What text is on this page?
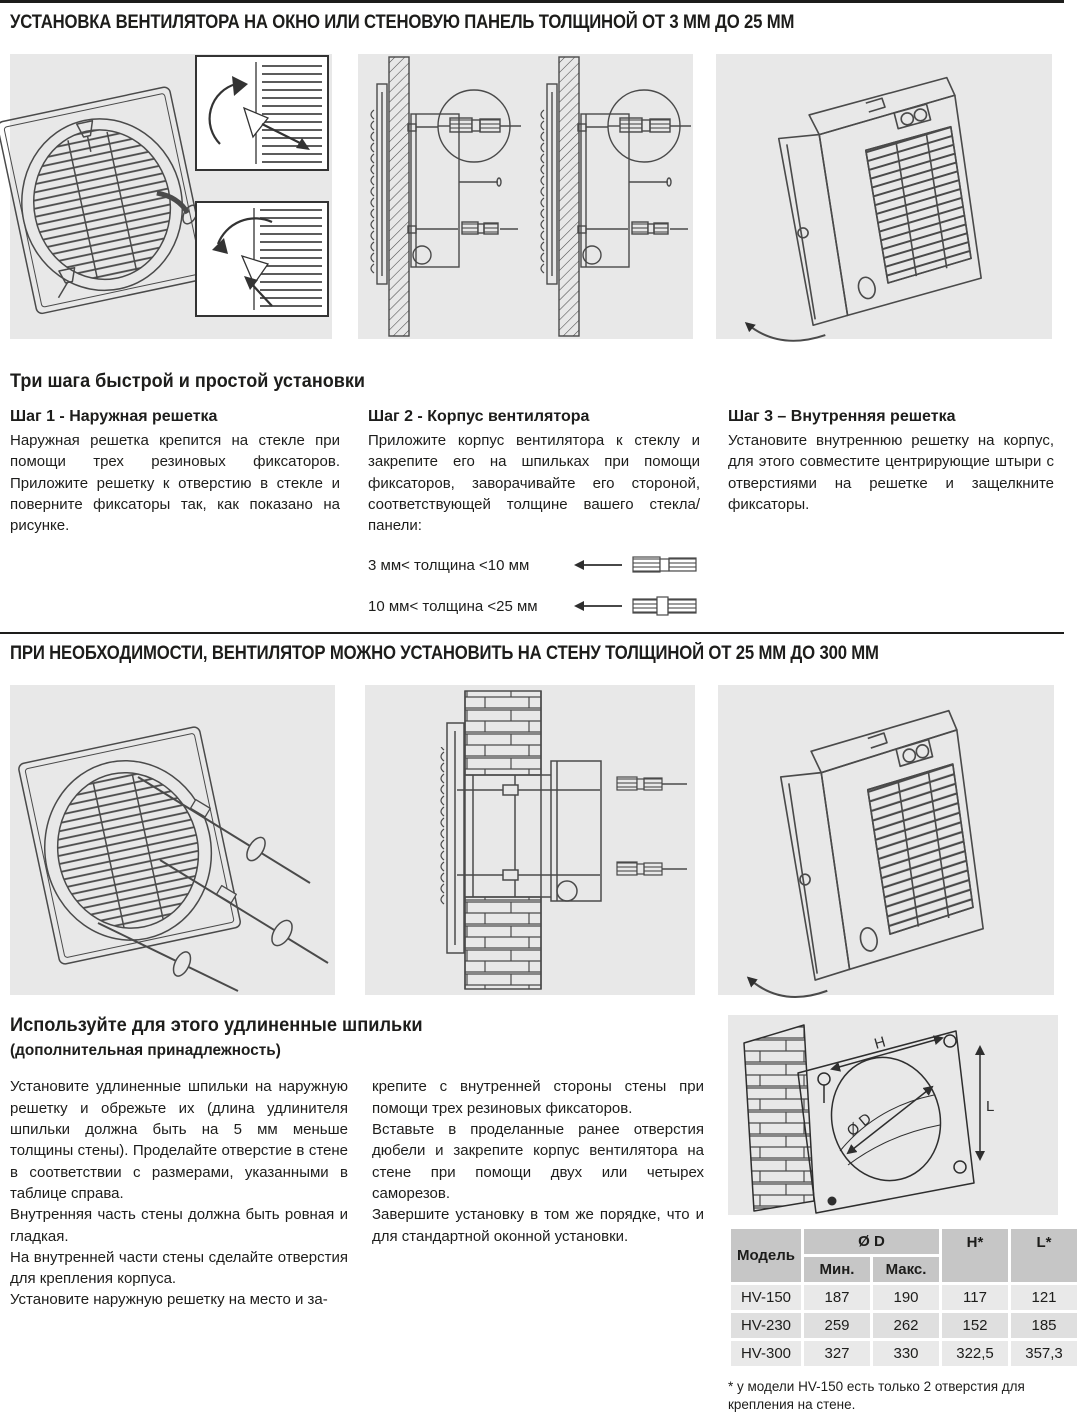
УСТАНОВКА ВЕНТИЛЯТОРА НА ОКНО ИЛИ СТЕНОВУЮ ПАНЕЛЬ ТОЛЩИНОЙ ОТ 3 ММ ДО 25 ММ
Три шага быстрой и простой установки
Шаг 1 - Наружная решетка
Наружная решетка крепится на стекле при помощи трех резиновых фиксаторов. Приложите решетку к отверстию в стекле и поверните фиксаторы так, как показано на рисунке.
Шаг 2 - Корпус вентилятора
Приложите корпус вентилятора к стеклу и закрепите его на шпильках при помощи фиксаторов, заворачивайте его стороной, соответствующей толщине вашего стекла/панели:
3 мм< толщина <10 мм
10 мм< толщина <25 мм
Шаг 3 – Внутренняя решетка
Установите внутреннюю решетку на корпус, для этого совместите центрирующие штыри с отверстиями на решетке и защелкните фиксаторы.
ПРИ НЕОБХОДИМОСТИ, ВЕНТИЛЯТОР МОЖНО УСТАНОВИТЬ НА СТЕНУ ТОЛЩИНОЙ ОТ 25 ММ ДО 300 ММ
Используйте для этого удлиненные шпильки
(дополнительная принадлежность)

Установите удлиненные шпильки на наружную решетку и обрежьте их (длина удлинителя шпильки должна быть на 5 мм меньше толщины стены). Проделайте отверстие в стене в соответствии с размерами, указанными в таблице справа.

Внутренняя часть стены должна быть ровная и гладкая.

На внутренней части стены сделайте отверстия для крепления корпуса.

Установите наружную решетку на место и за-

крепите с внутренней стороны стены при помощи трех резиновых фиксаторов.

Вставьте в проделанные ранее отверстия дюбели и закрепите корпус вентилятора на стене при помощи двух или четырех саморезов.

Завершите установку в том же порядке, что и для стандартной оконной установки.

H
L
Ø D
Модель	Ø D		H*	L*
	Мин.	Макс.		
HV-150	187	190	117	121
HV-230	259	262	152	185
HV-300	327	330	322,5	357,3
* у модели HV-150 есть только 2 отверстия для крепления на стене.
